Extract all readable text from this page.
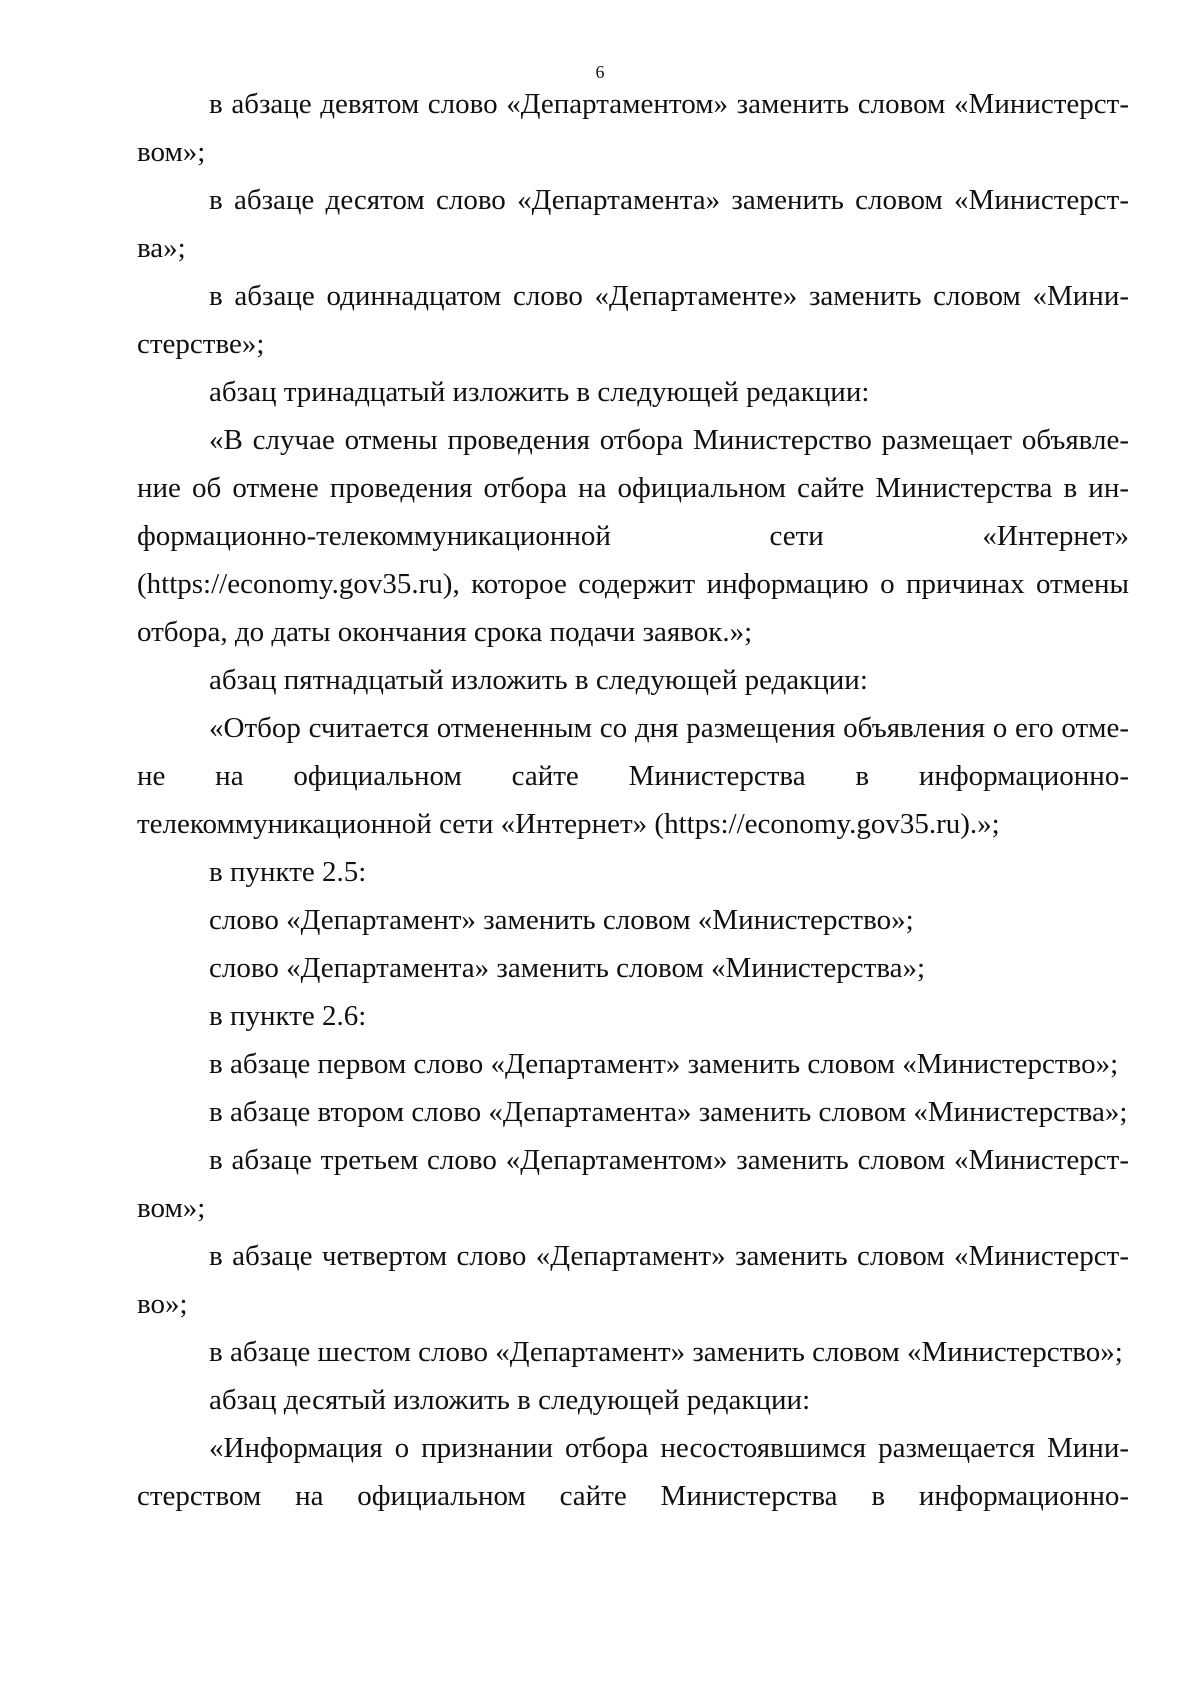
6

в абзаце девятом слово «Департаментом» заменить словом «Министерст-

вом»;

в абзаце десятом слово «Департамента» заменить словом «Министерст-

ва»;

в абзаце одиннадцатом слово «Департаменте» заменить словом «Мини-

стерстве»;

абзац тринадцатый изложить в следующей редакции:

«В случае отмены проведения отбора Министерство размещает объявле-

ние об отмене проведения отбора на официальном сайте Министерства в ин-

формационно-телекоммуникационной сети «Интернет»

(https://economy.gov35.ru), которое содержит информацию о причинах отмены

отбора, до даты окончания срока подачи заявок.»;

абзац пятнадцатый изложить в следующей редакции:

«Отбор считается отмененным со дня размещения объявления о его отме-

не на официальном сайте Министерства в информационно-

телекоммуникационной сети «Интернет» (https://economy.gov35.ru).»;

в пункте 2.5:

слово «Департамент» заменить словом «Министерство»;

слово «Департамента» заменить словом «Министерства»;

в пункте 2.6:

в абзаце первом слово «Департамент» заменить словом «Министерство»;

в абзаце втором слово «Департамента» заменить словом «Министерства»;

в абзаце третьем слово «Департаментом» заменить словом «Министерст-

вом»;

в абзаце четвертом слово «Департамент» заменить словом «Министерст-

во»;

в абзаце шестом слово «Департамент» заменить словом «Министерство»;

абзац десятый изложить в следующей редакции:

«Информация о признании отбора несостоявшимся размещается Мини-

стерством на официальном сайте Министерства в информационно-
